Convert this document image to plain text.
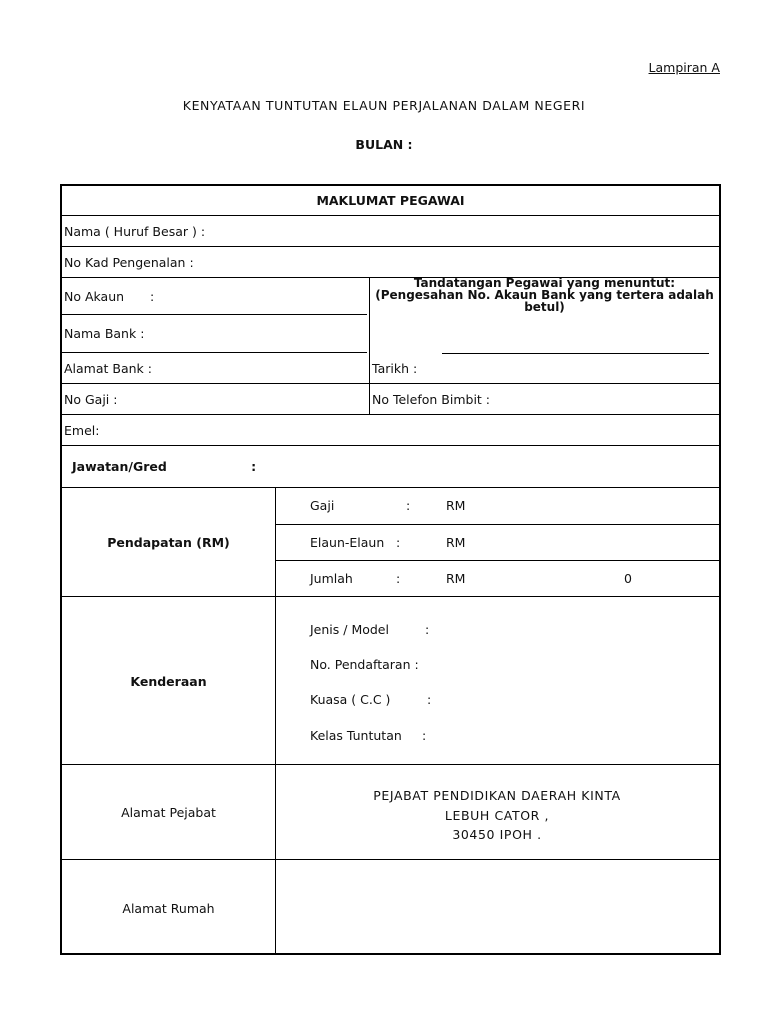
Lampiran A
KENYATAAN TUNTUTAN ELAUN PERJALANAN DALAM NEGERI
BULAN :
MAKLUMAT PEGAWAI
Nama ( Huruf Besar ) :
No Kad Pengenalan :
No Akaun :
Nama Bank :
Alamat Bank :
Tandatangan Pegawai yang menuntut:
(Pengesahan No. Akaun Bank yang tertera adalah
betul)
Tarikh :
No Gaji :	No Telefon Bimbit :
Emel:
Jawatan/Gred	:
Pendapatan (RM)
Gaji	:	RM
Elaun-Elaun :	RM
Jumlah	:	RM	0
Kenderaan
Jenis / Model	:
No. Pendaftaran :
Kuasa ( C.C )	:
Kelas Tuntutan :
Alamat Pejabat
PEJABAT PENDIDIKAN DAERAH KINTA
LEBUH CATOR ,
30450 IPOH .
Alamat Rumah
